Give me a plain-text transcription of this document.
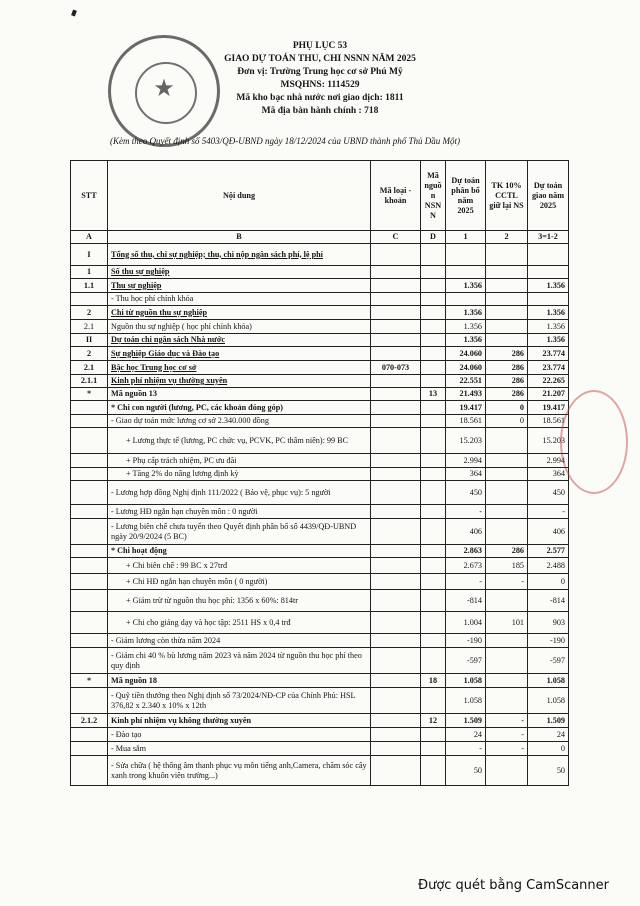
★
PHỤ LỤC 53
GIAO DỰ TOÁN THU, CHI NSNN NĂM 2025
Đơn vị: Trường Trung học cơ sở Phú Mỹ
MSQHNS: 1114529
Mã kho bạc nhà nước nơi giao dịch: 1811
Mã địa bàn hành chính : 718
(Kèm theo Quyết định số 5403/QĐ-UBND ngày 18/12/2024 của UBND thành phố Thủ Dầu Một)
STT	Nội dung	Mã loại - khoản	Mã nguồ n NSN N	Dự toán phân bổ năm 2025	TK 10% CCTL giữ lại NS	Dự toán giao năm 2025
A	B	C	D	1	2	3=1-2
I	Tổng số thu, chi sự nghiệp; thu, chi nộp ngân sách phí, lệ phí					
1	Số thu sự nghiệp					
1.1	Thu sự nghiệp			1.356		1.356
	- Thu học phí chính khóa					
2	Chi từ nguồn thu sự nghiệp			1.356		1.356
2.1	Nguồn thu sự nghiệp ( học phí chính khóa)			1.356		1.356
II	Dự toán chi ngân sách Nhà nước			1.356		1.356
2	Sự nghiệp Giáo dục và Đào tạo			24.060	286	23.774
2.1	Bậc học Trung học cơ sở	070-073		24.060	286	23.774
2.1.1	Kinh phí nhiệm vụ thường xuyên			22.551	286	22.265
*	Mã nguồn 13		13	21.493	286	21.207
	* Chi con người (lương, PC, các khoản đóng góp)			19.417	0	19.417
	- Giao dự toán mức lương cơ sở 2.340.000 đồng			18.561	0	18.561
	+ Lương thực tế (lương, PC chức vụ, PCVK, PC thâm niên): 99 BC			15.203		15.203
	+ Phụ cấp trách nhiệm, PC ưu đãi			2.994		2.994
	+ Tăng 2% do nâng lương định kỳ			364		364
	- Lương hợp đồng Nghị định 111/2022 ( Bảo vệ, phục vụ): 5 người			450		450
	- Lương HĐ ngắn hạn chuyên môn : 0 người			-		-
	- Lương biên chế chưa tuyển theo Quyết định phân bổ số 4439/QĐ-UBND ngày 20/9/2024 (5 BC)			406		406
	* Chi hoạt động			2.863	286	2.577
	+ Chi biên chế : 99 BC x 27trđ			2.673	185	2.488
	+ Chi HĐ ngắn hạn chuyên môn ( 0 người)			-	-	0
	+ Giảm trừ từ nguồn thu học phí: 1356 x 60%: 814tr			-814		-814
	+ Chi cho giảng dạy và học tập: 2511 HS x 0,4 trđ			1.004	101	903
	- Giảm lương còn thừa năm 2024			-190		-190
	- Giảm chi 40 % bù lương năm 2023 và năm 2024 từ nguồn thu học phí theo quy định			-597		-597
*	Mã nguồn 18		18	1.058		1.058
	- Quỹ tiền thưởng theo Nghị định số 73/2024/NĐ-CP của Chính Phủ: HSL 376,82 x 2.340 x 10% x 12th			1.058		1.058
2.1.2	Kinh phí nhiệm vụ không thường xuyên		12	1.509	-	1.509
	- Đào tạo			24	-	24
	- Mua sắm			-	-	0
	- Sửa chữa ( hệ thống âm thanh phục vụ môn tiếng anh,Camera, chăm sóc cây xanh trong khuôn viên trường...)			50		50
Được quét bằng CamScanner
